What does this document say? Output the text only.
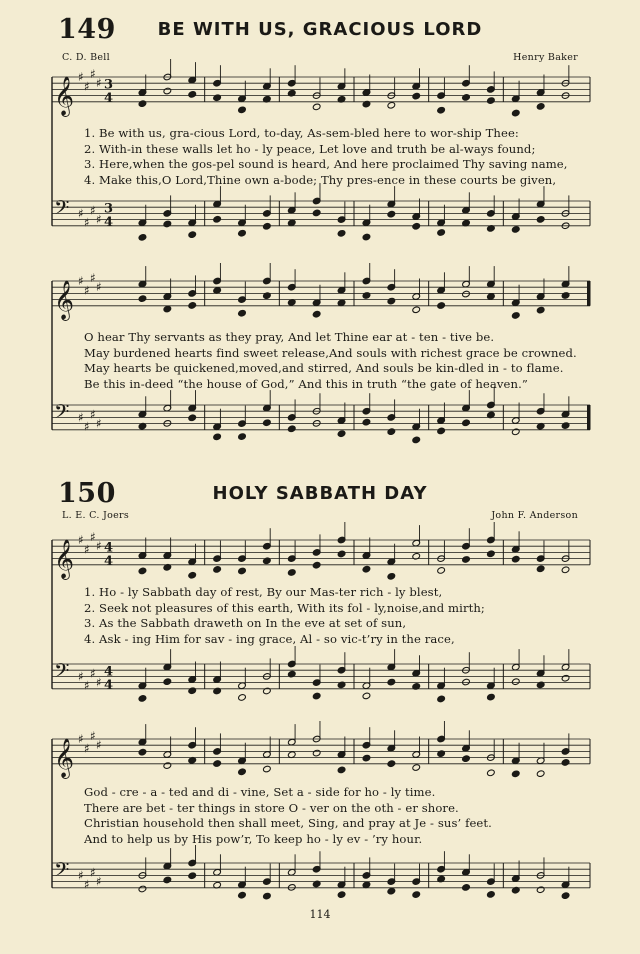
149	BE WITH US, GRACIOUS LORD
C. D. Bell	Henry Baker
1. Be with us, gra-cious Lord, to-day, As-sem-bled here to wor-ship Thee:
2. With-in these walls let ho - ly peace, Let love and truth be al-ways found;
3. Here,when the gos-pel sound is heard, And here proclaimed Thy saving name,
4. Make this,O Lord,Thine own a-bode; Thy pres-ence in these courts be given,
O hear Thy servants as they pray, And let Thine ear at - ten - tive be.
May burdened hearts find sweet release,And souls with richest grace be crowned.
May hearts be quickened,moved,and stirred, And souls be kin-dled in - to flame.
Be this in-deed “the house of God,” And this in truth “the gate of heaven.”
150	HOLY SABBATH DAY
L. E. C. Joers	John F. Anderson
1. Ho - ly Sabbath day of rest, By our Mas-ter rich - ly blest,
2. Seek not pleasures of this earth, With its fol - ly,noise,and mirth;
3. As the Sabbath draweth on In the eve at set of sun,
4. Ask - ing Him for sav - ing grace, Al - so vic-t’ry in the race,
God - cre - a - ted and di - vine, Set a - side for ho - ly time.
There are bet - ter things in store O - ver on the oth - er shore.
Christian household then shall meet, Sing, and pray at Je - sus’ feet.
And to help us by His pow’r, To keep ho - ly ev - ’ry hour.
114
𝄞 ♯
♯
♯
♯ 3
4
𝄢 ♯
♯
♯
♯
3
4
𝄞 ♯
♯
♯
♯
𝄢 ♯
♯
♯
♯
𝄞 ♯
♯
♯
♯ 4
4
𝄢 ♯
♯
♯
♯
4
4
𝄞 ♯
♯
♯
♯
𝄢 ♯
♯
♯
♯
